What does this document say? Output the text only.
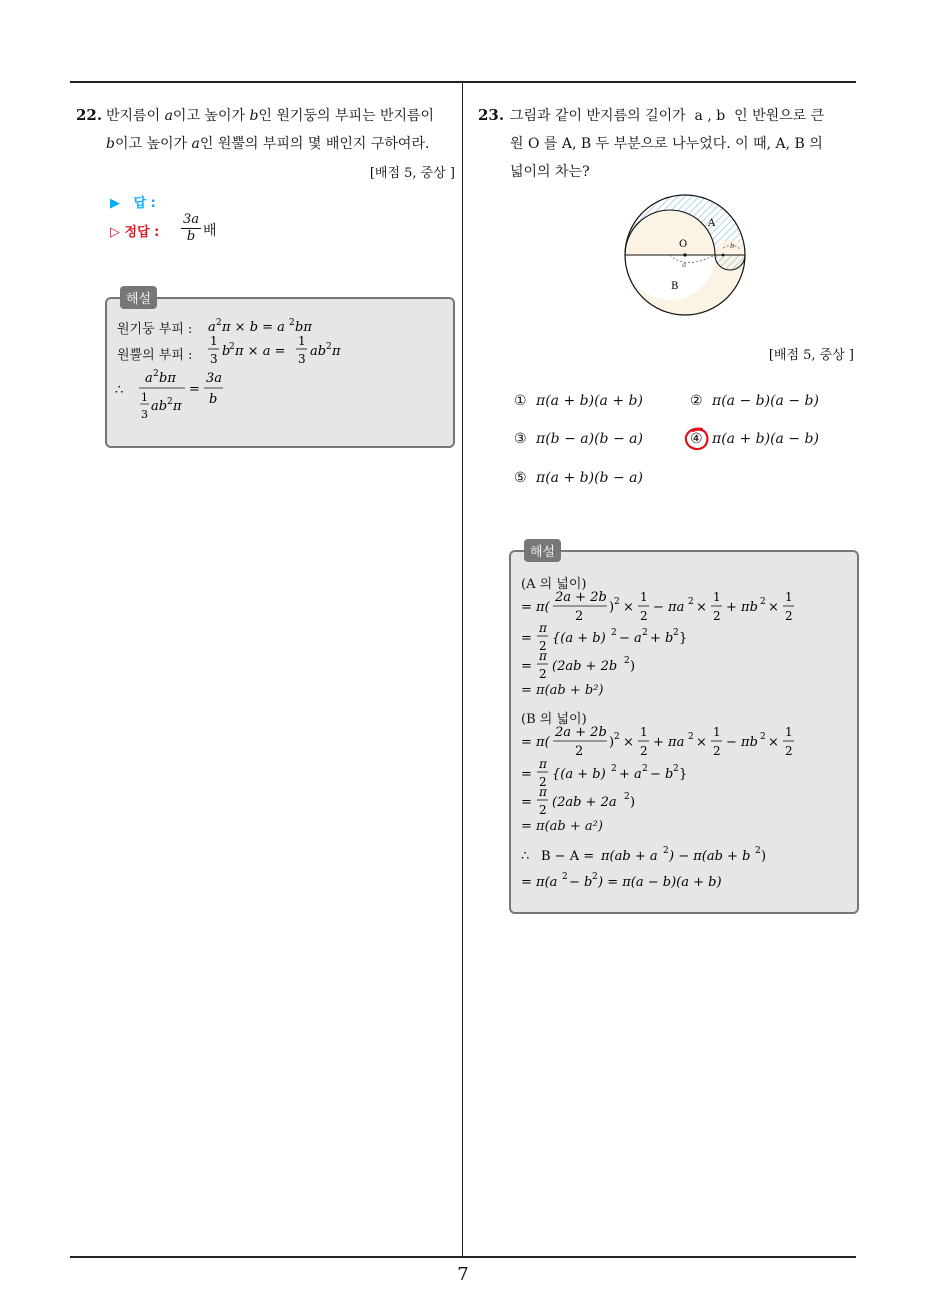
7
22. 반지름이 a이고 높이가 b인 원기둥의 부피는 반지름이
b이고 높이가 a인 원뿔의 부피의 몇 배인지 구하여라.
[배점 5, 중상 ]
▶   답 :
▷ 정답 :
3a
b 배
해설
원기둥 부피 : a 2 π × b = a 2 bπ
원뿔의 부피 :
1
3 b
2 π × a =
1
3 ab 2 π
∴
a 2 bπ
1
3
ab 2 π
=
3a
b
23. 그림과 같이 반지름의 길이가  a , b  인 반원으로 큰
원 O 를 A, B 두 부분으로 나누었다. 이 때, A, B 의
넓이의 차는?
O
A
B
a
b
[배점 5, 중상 ]
① π(a + b)(a + b)	② π(a − b)(a − b)
③ π(b − a)(b − a)	④ π(a + b)(a − b)
⑤ π(a + b)(b − a)
해설
(A 의 넓이)
= π(
2a + 2b
2
) 2 ×
1
2
− πa 2 ×
1
2
+ πb 2 ×
1
2
=
π
2 {(a + b) 2 − a 2 + b 2 }
=
π
2 (2ab + 2b 2 )
= π(ab + b²)
(B 의 넓이)
= π(
2a + 2b
2
) 2 ×
1
2
+ πa 2 ×
1
2
− πb 2 ×
1
2
=
π
2 {(a + b) 2 + a 2 − b 2 }
=
π
2 (2ab + 2a 2 )
= π(ab + a²)
∴ B − A = π(ab + a 2 ) − π(ab + b 2 )
= π(a 2 − b 2 ) = π(a − b)(a + b)
